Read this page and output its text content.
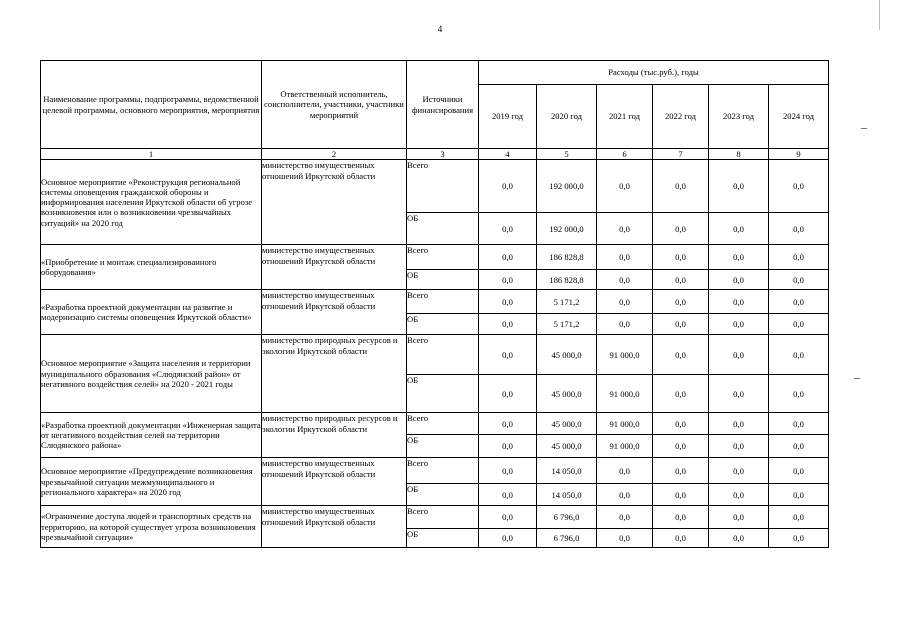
4
Наименование программы, подпрограммы, ведомственной целевой программы, основного мероприятия, мероприятия	Ответственный исполнитель, соисполнители, участники, участники мероприятий	Источники финансирования	Расходы (тыс.руб.), годы					
			2019 год	2020 год	2021 год	2022 год	2023 год	2024 год
1	2	3	4	5	6	7	8	9
Основное мероприятие «Реконструкция региональной системы оповещения гражданской обороны и информирования населения Иркутской области об угрозе возникновения или о возникновении чрезвычайных ситуаций» на 2020 год	министерство имущественных отношений Иркутской области	Всего	0,0	192 000,0	0,0	0,0	0,0	0,0
		ОБ	0,0	192 000,0	0,0	0,0	0,0	0,0
«Приобретение и монтаж специализированного оборудования»	министерство имущественных отношений Иркутской области	Всего	0,0	186 828,8	0,0	0,0	0,0	0,0
		ОБ	0,0	186 828,8	0,0	0,0	0,0	0,0
«Разработка проектной документации на развитие и модернизацию системы оповещения Иркутской области»	министерство имущественных отношений Иркутской области	Всего	0,0	5 171,2	0,0	0,0	0,0	0,0
		ОБ	0,0	5 171,2	0,0	0,0	0,0	0,0
Основное мероприятие «Защита населения и территории муниципального образования «Слюдянский район» от негативного воздействия селей» на 2020 - 2021 годы	министерство природных ресурсов и экологии Иркутской области	Всего	0,0	45 000,0	91 000,0	0,0	0,0	0,0
		ОБ	0,0	45 000,0	91 000,0	0,0	0,0	0,0
«Разработка проектной документации «Инженерная защита от негативного воздействия селей на территории Слюдянского района»	министерство природных ресурсов и экологии Иркутской области	Всего	0,0	45 000,0	91 000,0	0,0	0,0	0,0
		ОБ	0,0	45 000,0	91 000,0	0,0	0,0	0,0
Основное мероприятие «Предупреждение возникновения чрезвычайной ситуации межмуниципального и регионального характера» на 2020 год	министерство имущественных отношений Иркутской области	Всего	0,0	14 050,0	0,0	0,0	0,0	0,0
		ОБ	0,0	14 050,0	0,0	0,0	0,0	0,0
«Ограничение доступа людей и транспортных средств на территорию, на которой существует угроза возникновения чрезвычайной ситуации»	министерство имущественных отношений Иркутской области	Всего	0,0	6 796,0	0,0	0,0	0,0	0,0
		ОБ	0,0	6 796,0	0,0	0,0	0,0	0,0
